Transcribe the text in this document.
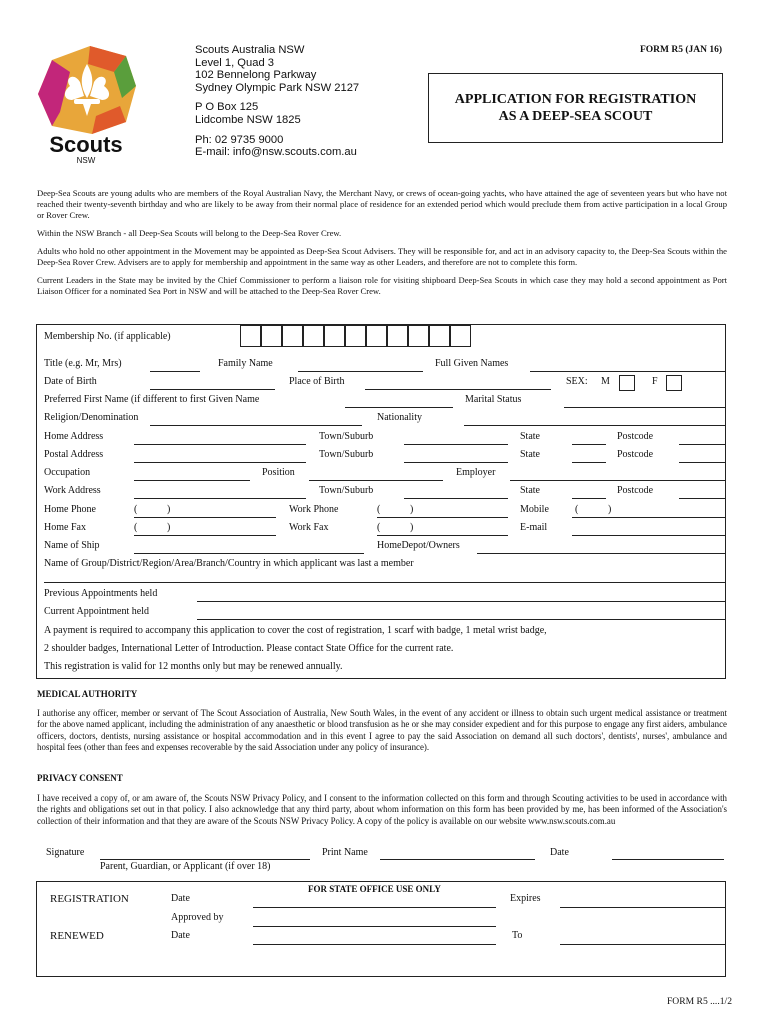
Scouts
NSW
Scouts Australia NSW
Level 1, Quad 3
102 Bennelong Parkway
Sydney Olympic Park NSW 2127
P O Box 125
Lidcombe NSW 1825
Ph: 02 9735 9000
E-mail: info@nsw.scouts.com.au
FORM R5 (JAN 16)
APPLICATION FOR REGISTRATION
AS A DEEP-SEA SCOUT

Deep-Sea Scouts are young adults who are members of the Royal Australian Navy, the Merchant Navy, or crews of ocean-going yachts, who have attained the age of seventeen years but who have not reached their twenty-seventh birthday and who are likely to be away from their normal place of residence for an extended period which would preclude them from active participation in a local Group or Rover Crew.

Within the NSW Branch - all Deep-Sea Scouts will belong to the Deep-Sea Rover Crew.

Adults who hold no other appointment in the Movement may be appointed as Deep-Sea Scout Advisers. They will be responsible for, and act in an advisory capacity to, the Deep-Sea Scouts within the Deep-Sea Rover Crew. Advisers are to apply for membership and appointment in the same way as other Leaders, and therefore are not to complete this form.

Current Leaders in the State may be invited by the Chief Commissioner to perform a liaison role for visiting shipboard Deep-Sea Scouts in which case they may hold a second appointment as Port Liaison Officer for a nominated Sea Port in NSW and will be attached to the Deep-Sea Rover Crew.

Membership No. (if applicable)
Title (e.g. Mr, Mrs)	Family Name	Full Given Names
Date of Birth	Place of Birth	SEX: M	F
Preferred First Name (if different to first Given Name	Marital Status
Religion/Denomination	Nationality
Home Address	Town/Suburb	State	Postcode
Postal Address	Town/Suburb	State	Postcode
Occupation	Position	Employer
Work Address	Town/Suburb	State	Postcode
Home Phone	(	)	Work Phone	(	)	Mobile	(	)
Home Fax	(	)	Work Fax	(	)	E-mail
Name of Ship	HomeDepot/Owners
Name of Group/District/Region/Area/Branch/Country in which applicant was last a member
Previous Appointments held
Current Appointment held
A payment is required to accompany this application to cover the cost of registration, 1 scarf with badge, 1 metal wrist badge,
2 shoulder badges, International Letter of Introduction. Please contact State Office for the current rate.
This registration is valid for 12 months only but may be renewed annually.
MEDICAL AUTHORITY
I authorise any officer, member or servant of The Scout Association of Australia, New South Wales, in the event of any accident or illness to obtain such urgent medical assistance or treatment for the above named applicant, including the administration of any anaesthetic or blood transfusion as he or she may consider expedient and for this purpose to engage any first aiders, ambulance officers, doctors, dentists, nursing assistance or hospital accommodation and in this event I agree to pay the said Association on demand all such doctors', dentists', nurses', ambulance and hospital fees (other than fees and expenses recoverable by the said Association under any policy of insurance).
PRIVACY CONSENT
I have received a copy of, or am aware of, the Scouts NSW Privacy Policy, and I consent to the information collected on this form and through Scouting activities to be used in accordance with the rights and obligations set out in that policy. I also acknowledge that any third party, about whom information on this form has been provided by me, has been informed of the Association's collection of their information and that they are aware of the Scouts NSW Privacy Policy. A copy of the policy is available on our website www.nsw.scouts.com.au
Signature	Print Name	Date
Parent, Guardian, or Applicant (if over 18)
FOR STATE OFFICE USE ONLY
REGISTRATION	Date	Expires
Approved by
RENEWED	Date	To
FORM R5 ....1/2
